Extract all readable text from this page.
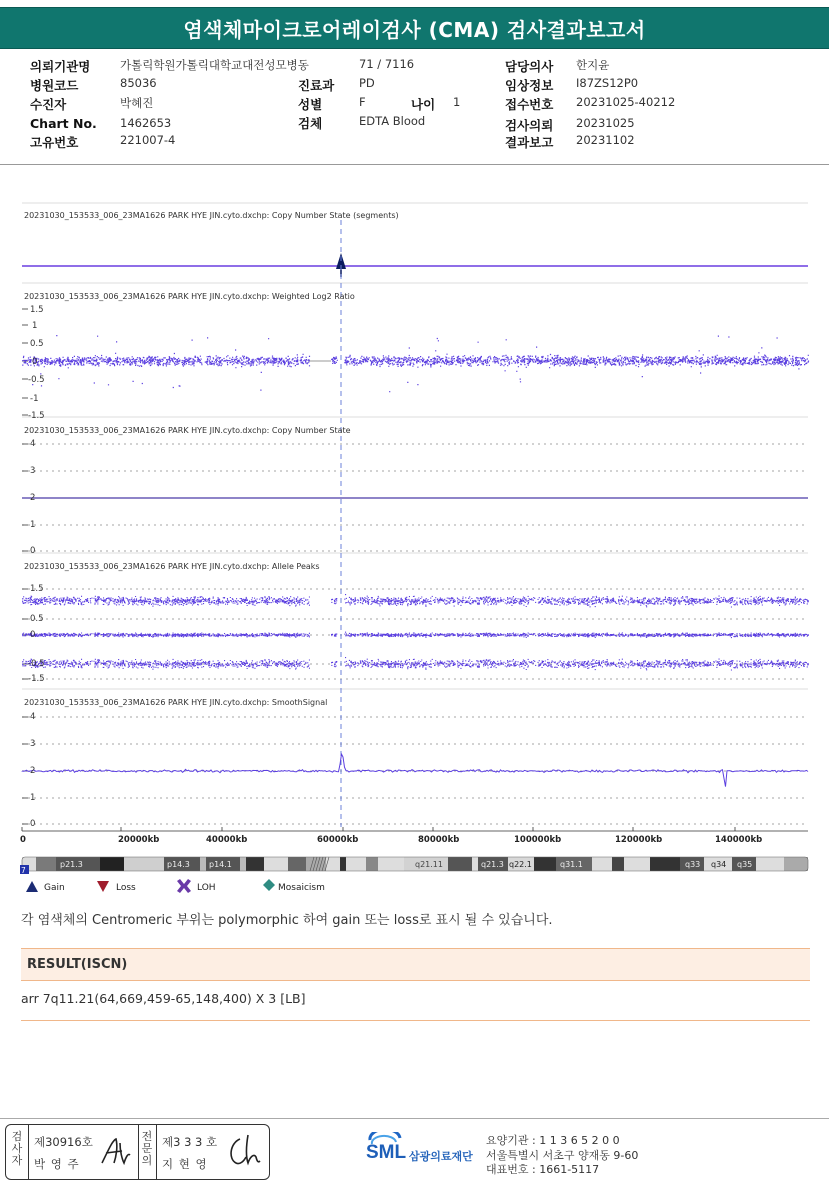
염색체마이크로어레이검사 (CMA) 검사결과보고서
의뢰기관명	가톨릭학원가톨릭대학교대전성모병동
병원코드	85036
수진자	박혜진
Chart No. 1462653
고유번호	221007-4
71 / 7116
진료과 PD
성별	F	나이 1
검체	EDTA Blood
담당의사 한지윤
임상정보 I87ZS12P0
접수번호 20231025-40212
검사의뢰 20231025
결과보고 20231102
20231030_153533_006_23MA1626 PARK HYE JIN.cyto.dxchp: Copy Number State (segments)
20231030_153533_006_23MA1626 PARK HYE JIN.cyto.dxchp: Weighted Log2 Ratio
20231030_153533_006_23MA1626 PARK HYE JIN.cyto.dxchp: Copy Number State
20231030_153533_006_23MA1626 PARK HYE JIN.cyto.dxchp: Allele Peaks
20231030_153533_006_23MA1626 PARK HYE JIN.cyto.dxchp: SmoothSignal
1.5
1
0.5
0
-0.5
-1
-1.5
4
3
2
1
0
1.5
0.5
0
-0.5
-1.5
4
3
2
1
0
0	20000kb	40000kb	60000kb	80000kb	100000kb	120000kb	140000kb
p21.3	p14.3 p14.1	q21.11	q21.3 q22.1	q31.1	q33 q34 q35
7
Gain	Loss	LOH	Mosaicism
각 염색체의 Centromeric 부위는 polymorphic 하여 gain 또는 loss로 표시 될 수 있습니다.
RESULT(ISCN)
arr 7q11.21(64,669,459-65,148,400) X 3 [LB]
검사자
제30916호
박 영 주
전문의
제3 3 3 호
지 현 영
SML 삼광의료재단
요양기관 : 1 1 3 6 5 2 0 0
서울특별시 서초구 양재동 9-60
대표번호 : 1661-5117
